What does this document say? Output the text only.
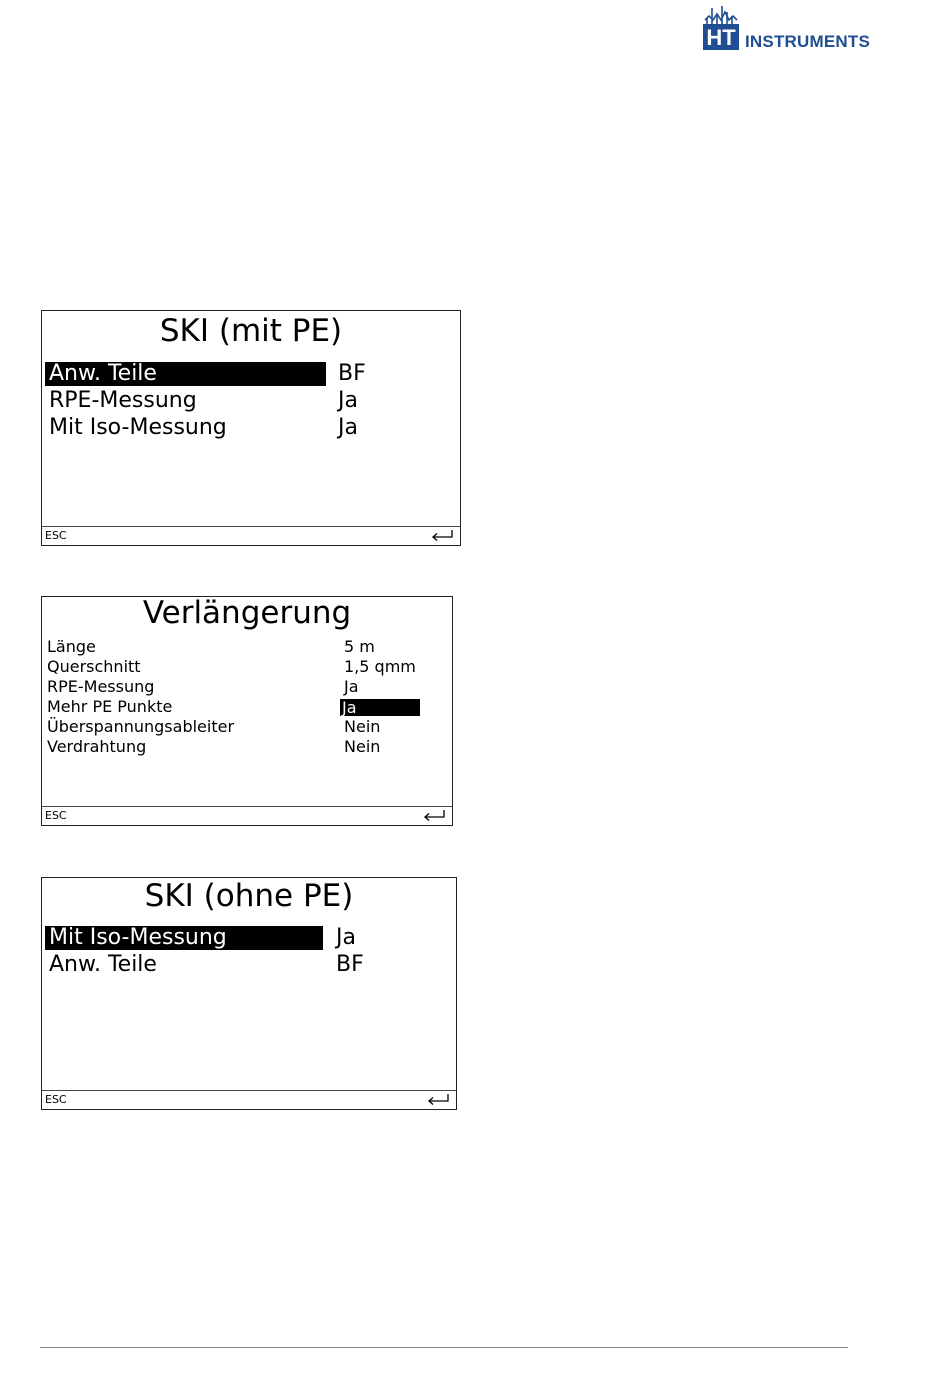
HT INSTRUMENTS
SKI (mit PE)
Anw. Teile	BF
RPE-Messung	Ja
Mit Iso-Messung	Ja
ESC
Verlängerung
Länge	5 m
Querschnitt	1,5 qmm
RPE-Messung	Ja
Mehr PE Punkte	Ja
Überspannungsableiter	Nein
Verdrahtung	Nein
ESC
SKI (ohne PE)
Mit Iso-Messung	Ja
Anw. Teile	BF
ESC
